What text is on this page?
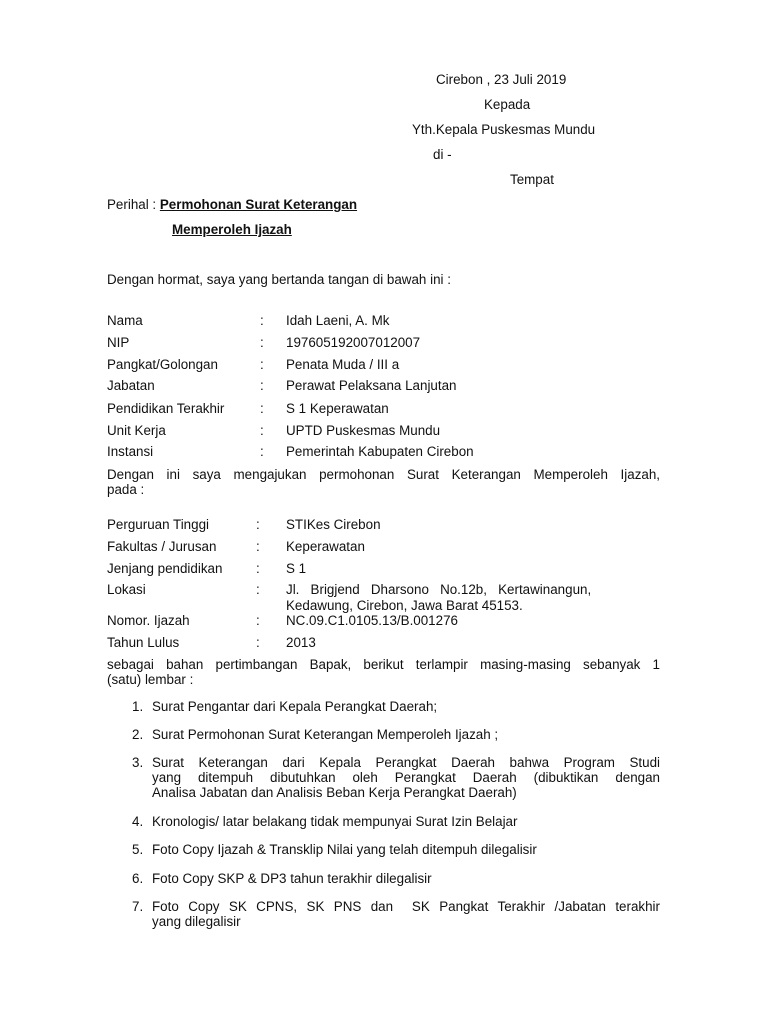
Cirebon , 23 Juli 2019
Kepada
Yth.Kepala Puskesmas Mundu
di -
Tempat
Perihal : Permohonan Surat Keterangan
Memperoleh Ijazah
Dengan hormat, saya yang bertanda tangan di bawah ini :
Nama	: Idah Laeni, A. Mk
NIP	: 197605192007012007
Pangkat/Golongan	: Penata Muda / III a
Jabatan	: Perawat Pelaksana Lanjutan
Pendidikan Terakhir	: S 1 Keperawatan
Unit Kerja	: UPTD Puskesmas Mundu
Instansi	: Pemerintah Kabupaten Cirebon
Dengan ini saya mengajukan permohonan Surat Keterangan Memperoleh Ijazah,
pada :
Perguruan Tinggi	: STIKes Cirebon
Fakultas / Jurusan	: Keperawatan
Jenjang pendidikan	: S 1
Lokasi	: Jl.   Brigjend   Dharsono   No.12b,   Kertawinangun,
Kedawung, Cirebon, Jawa Barat 45153.
Nomor. Ijazah	: NC.09.C1.0105.13/B.001276
Tahun Lulus	: 2013
sebagai bahan pertimbangan Bapak, berikut terlampir masing-masing sebanyak 1
(satu) lembar :
1. Surat Pengantar dari Kepala Perangkat Daerah;
2. Surat Permohonan Surat Keterangan Memperoleh Ijazah ;
3. Surat Keterangan dari Kepala Perangkat Daerah bahwa Program Studi
yang ditempuh dibutuhkan oleh Perangkat Daerah (dibuktikan dengan
Analisa Jabatan dan Analisis Beban Kerja Perangkat Daerah)
4. Kronologis/ latar belakang tidak mempunyai Surat Izin Belajar
5. Foto Copy Ijazah & Transklip Nilai yang telah ditempuh dilegalisir
6. Foto Copy SKP & DP3 tahun terakhir dilegalisir
7. Foto Copy SK CPNS, SK PNS dan  SK Pangkat Terakhir /Jabatan terakhir
yang dilegalisir
